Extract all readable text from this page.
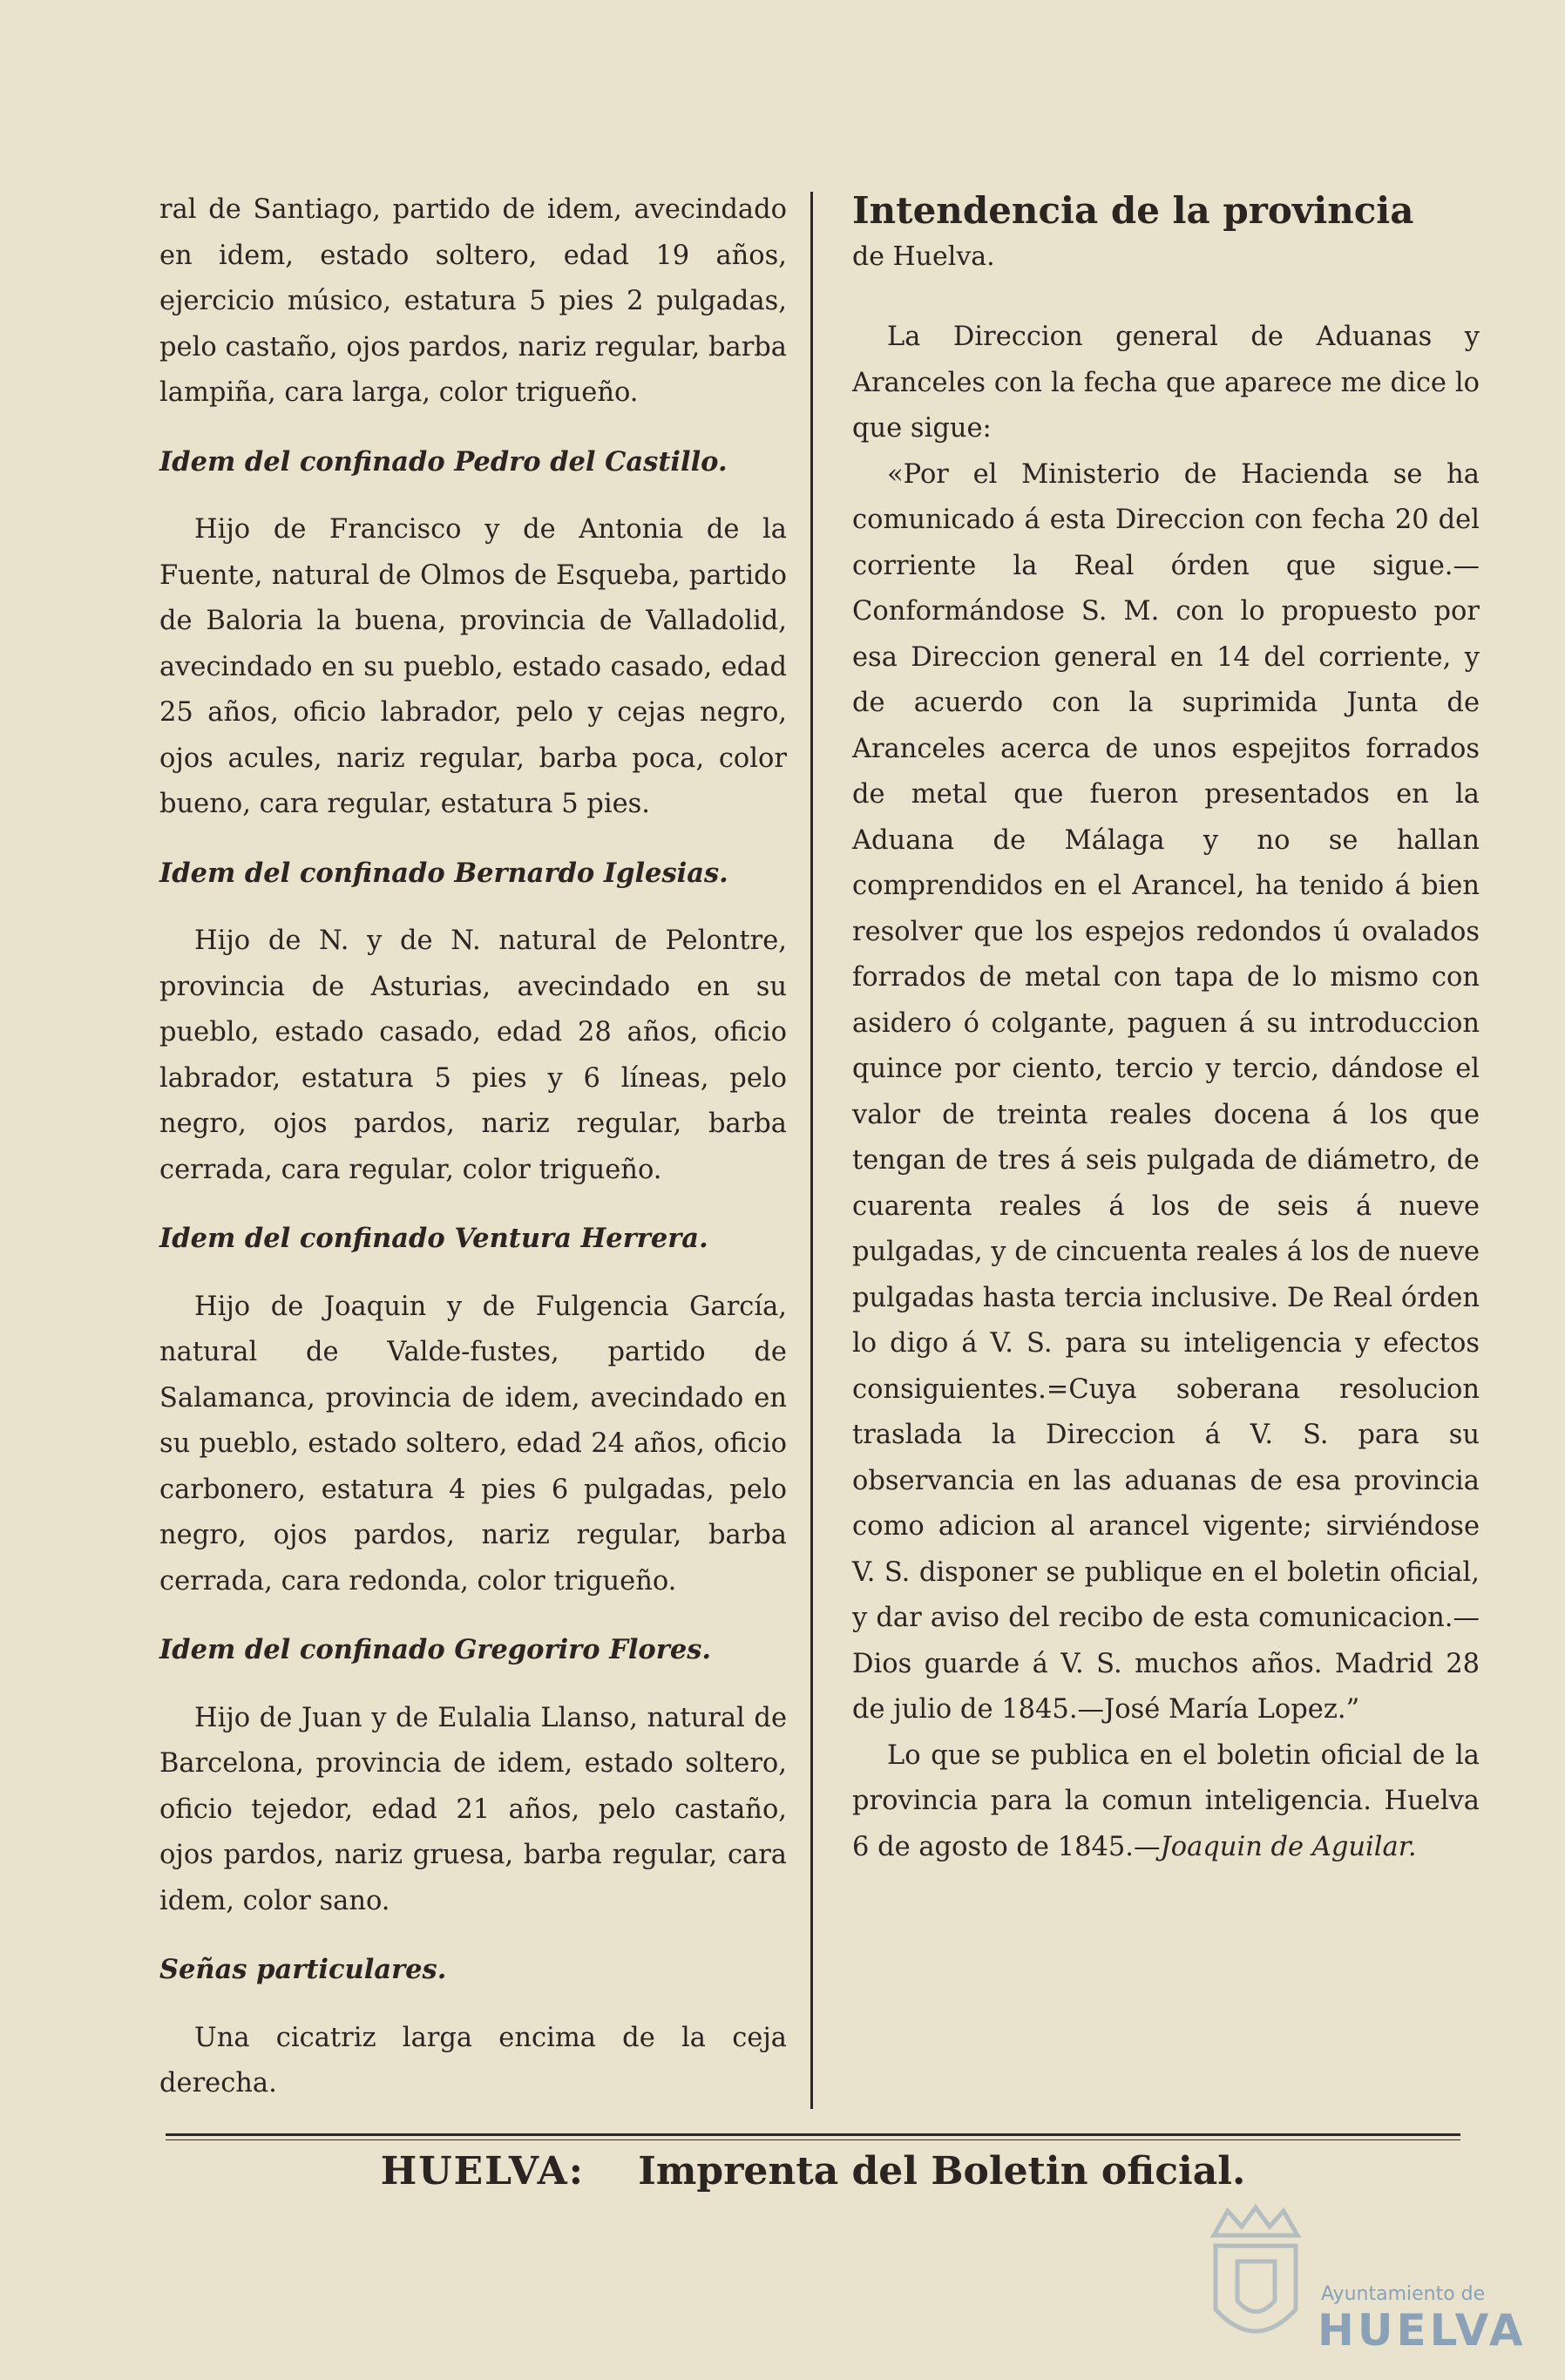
ral de Santiago, partido de idem, avecindado en idem, estado soltero, edad 19 años, ejercicio músico, estatura 5 pies 2 pulgadas, pelo castaño, ojos pardos, nariz regular, barba lampiña, cara larga, color trigueño.

Idem del confinado Pedro del Castillo.

Hijo de Francisco y de Antonia de la Fuente, natural de Olmos de Esqueba, partido de Baloria la buena, provincia de Valladolid, avecindado en su pueblo, estado casado, edad 25 años, oficio labrador, pelo y cejas negro, ojos acules, nariz regular, barba poca, color bueno, cara regular, estatura 5 pies.

Idem del confinado Bernardo Iglesias.

Hijo de N. y de N. natural de Pelontre, provincia de Asturias, avecindado en su pueblo, estado casado, edad 28 años, oficio labrador, estatura 5 pies y 6 líneas, pelo negro, ojos pardos, nariz regular, barba cerrada, cara regular, color trigueño.

Idem del confinado Ventura Herrera.

Hijo de Joaquin y de Fulgencia García, natural de Valde-fustes, partido de Salamanca, provincia de idem, avecindado en su pueblo, estado soltero, edad 24 años, oficio carbonero, estatura 4 pies 6 pulgadas, pelo negro, ojos pardos, nariz regular, barba cerrada, cara redonda, color trigueño.

Idem del confinado Gregoriro Flores.

Hijo de Juan y de Eulalia Llanso, natural de Barcelona, provincia de idem, estado soltero, oficio tejedor, edad 21 años, pelo castaño, ojos pardos, nariz gruesa, barba regular, cara idem, color sano.

Señas particulares.

Una cicatriz larga encima de la ceja derecha.

Intendencia de la provincia

de Huelva.

La Direccion general de Aduanas y Aranceles con la fecha que aparece me dice lo que sigue:

«Por el Ministerio de Hacienda se ha comunicado á esta Direccion con fecha 20 del corriente la Real órden que sigue.—Conformándose S. M. con lo propuesto por esa Direccion general en 14 del corriente, y de acuerdo con la suprimida Junta de Aranceles acerca de unos espejitos forrados de metal que fueron presentados en la Aduana de Málaga y no se hallan comprendidos en el Arancel, ha tenido á bien resolver que los espejos redondos ú ovalados forrados de metal con tapa de lo mismo con asidero ó colgante, paguen á su introduccion quince por ciento, tercio y tercio, dándose el valor de treinta reales docena á los que tengan de tres á seis pulgada de diámetro, de cuarenta reales á los de seis á nueve pulgadas, y de cincuenta reales á los de nueve pulgadas hasta tercia inclusive. De Real órden lo digo á V. S. para su inteligencia y efectos consiguientes.=Cuya soberana resolucion traslada la Direccion á V. S. para su observancia en las aduanas de esa provincia como adicion al arancel vigente; sirviéndose V. S. disponer se publique en el boletin oficial, y dar aviso del recibo de esta comunicacion.—Dios guarde á V. S. muchos años. Madrid 28 de julio de 1845.—José María Lopez.”

Lo que se publica en el boletin oficial de la provincia para la comun inteligencia. Huelva 6 de agosto de 1845.—Joaquin de Aguilar.

HUELVA: Imprenta del Boletin oficial.
Ayuntamiento de
HUELVA
